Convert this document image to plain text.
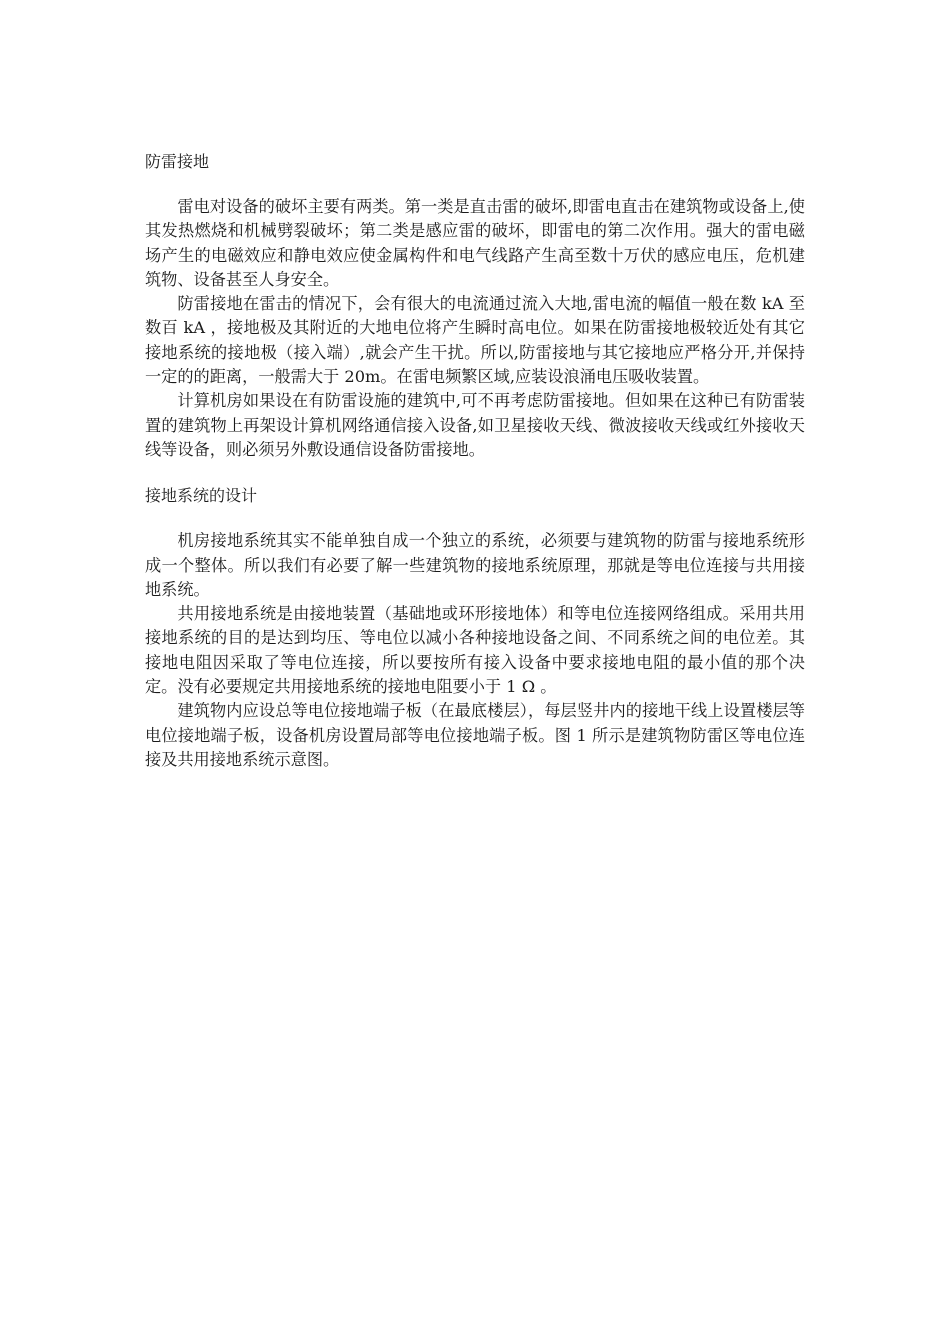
防雷接地

雷电对设备的破坏主要有两类。第一类是直击雷的破坏,即雷电直击在建筑物或设备上,使其发热燃烧和机械劈裂破坏；第二类是感应雷的破坏，即雷电的第二次作用。强大的雷电磁场产生的电磁效应和静电效应使金属构件和电气线路产生高至数十万伏的感应电压，危机建筑物、设备甚至人身安全。

防雷接地在雷击的情况下，会有很大的电流通过流入大地,雷电流的幅值一般在数 kA 至数百 kA ，接地极及其附近的大地电位将产生瞬时高电位。如果在防雷接地极较近处有其它接地系统的接地极（接入端）,就会产生干扰。所以,防雷接地与其它接地应严格分开,并保持一定的的距离，一般需大于 20m。在雷电频繁区域,应装设浪涌电压吸收装置。

计算机房如果设在有防雷设施的建筑中,可不再考虑防雷接地。但如果在这种已有防雷装置的建筑物上再架设计算机网络通信接入设备,如卫星接收天线、微波接收天线或红外接收天线等设备，则必须另外敷设通信设备防雷接地。

接地系统的设计

机房接地系统其实不能单独自成一个独立的系统，必须要与建筑物的防雷与接地系统形成一个整体。所以我们有必要了解一些建筑物的接地系统原理，那就是等电位连接与共用接地系统。

共用接地系统是由接地装置（基础地或环形接地体）和等电位连接网络组成。采用共用接地系统的目的是达到均压、等电位以减小各种接地设备之间、不同系统之间的电位差。其接地电阻因采取了等电位连接，所以要按所有接入设备中要求接地电阻的最小值的那个决定。没有必要规定共用接地系统的接地电阻要小于 1 Ω 。

建筑物内应设总等电位接地端子板（在最底楼层），每层竖井内的接地干线上设置楼层等电位接地端子板，设备机房设置局部等电位接地端子板。图 1 所示是建筑物防雷区等电位连接及共用接地系统示意图。
